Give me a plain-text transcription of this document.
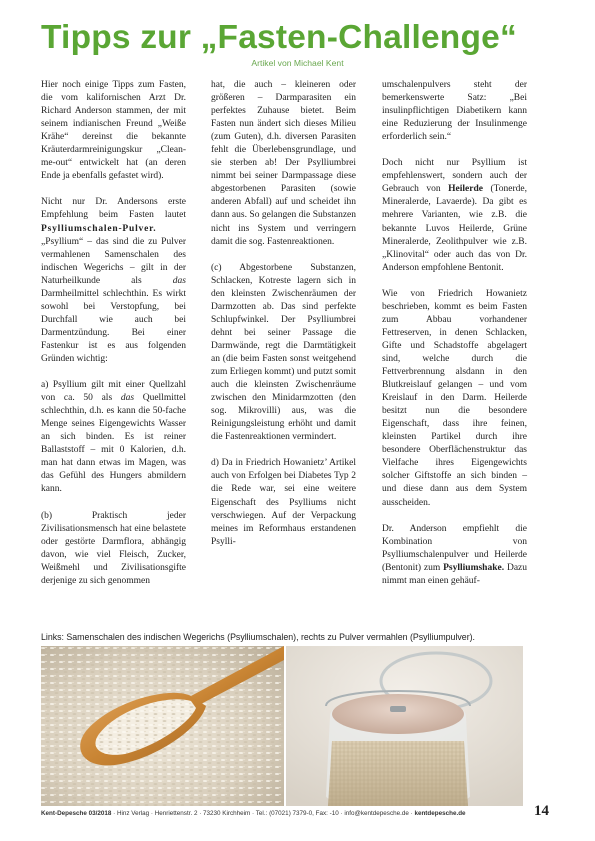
Tipps zur „Fasten-Challenge“
Artikel von Michael Kent

Hier noch einige Tipps zum Fasten, die vom kalifornischen Arzt Dr. Richard Anderson stammen, der mit seinem indianischen Freund „Weiße Krähe“ dereinst die bekannte Kräuterdarmreinigungskur „Clean-me-out“ entwickelt hat (an deren Ende ja ebenfalls gefastet wird).

Nicht nur Dr. Andersons erste Empfehlung beim Fasten lautet Psylliumschalen-Pulver. „Psyllium“ – das sind die zu Pulver vermahlenen Samenschalen des indischen Wegerichs – gilt in der Naturheilkunde als das Darmheilmittel schlechthin. Es wirkt sowohl bei Verstopfung, bei Durchfall wie auch bei Darmentzündung. Bei einer Fastenkur ist es aus folgenden Gründen wichtig:

a) Psyllium gilt mit einer Quellzahl von ca. 50 als das Quellmittel schlechthin, d.h. es kann die 50-fache Menge seines Eigengewichts Wasser an sich binden. Es ist reiner Ballaststoff – mit 0 Kalorien, d.h. man hat dann etwas im Magen, was das Gefühl des Hungers abmildern kann.

(b) Praktisch jeder Zivilisationsmensch hat eine belastete oder gestörte Darmflora, abhängig davon, wie viel Fleisch, Zucker, Weißmehl und Zivilisationsgifte derjenige zu sich genommen

hat, die auch – kleineren oder größeren – Darmparasiten ein perfektes Zuhause bietet. Beim Fasten nun ändert sich dieses Milieu (zum Guten), d.h. diversen Parasiten fehlt die Überlebensgrundlage, und sie sterben ab! Der Psylliumbrei nimmt bei seiner Darmpassage diese abgestorbenen Parasiten (sowie anderen Abfall) auf und scheidet ihn dann aus. So gelangen die Substanzen nicht ins System und verringern damit die sog. Fastenreaktionen.

(c) Abgestorbene Substanzen, Schlacken, Kotreste lagern sich in den kleinsten Zwischenräumen der Darmzotten ab. Das sind perfekte Schlupfwinkel. Der Psylliumbrei dehnt bei seiner Passage die Darmwände, regt die Darmtätigkeit an (die beim Fasten sonst weitgehend zum Erliegen kommt) und putzt somit auch die kleinsten Zwischenräume zwischen den Minidarmzotten (den sog. Mikrovilli) aus, was die Reinigungsleistung erhöht und damit die Fastenreaktionen vermindert.

d) Da in Friedrich Howanietz’ Artikel auch von Erfolgen bei Diabetes Typ 2 die Rede war, sei eine weitere Eigenschaft des Psylliums nicht verschwiegen. Auf der Verpackung meines im Reformhaus erstandenen Psylli-

umschalenpulvers steht der bemerkenswerte Satz: „Bei insulinpflichtigen Diabetikern kann eine Reduzierung der Insulinmenge erforderlich sein.“

Doch nicht nur Psyllium ist empfehlenswert, sondern auch der Gebrauch von Heilerde (Tonerde, Mineralerde, Lavaerde). Da gibt es mehrere Varianten, wie z.B. die bekannte Luvos Heilerde, Grüne Mineralerde, Zeolithpulver wie z.B. „Klinovital“ oder auch das von Dr. Anderson empfohlene Bentonit.

Wie von Friedrich Howanietz beschrieben, kommt es beim Fasten zum Abbau vorhandener Fettreserven, in denen Schlacken, Gifte und Schadstoffe abgelagert sind, welche durch die Fettverbrennung alsdann in den Blutkreislauf gelangen – und vom Kreislauf in den Darm. Heilerde besitzt nun die besondere Eigenschaft, dass ihre feinen, kleinsten Partikel durch ihre besondere Oberflächenstruktur das Vielfache ihres Eigengewichts solcher Giftstoffe an sich binden – und diese dann aus dem System ausscheiden.

Dr. Anderson empfiehlt die Kombination von Psylliumschalenpulver und Heilerde (Bentonit) zum Psylliumshake. Dazu nimmt man einen gehäuf-

Links: Samenschalen des indischen Wegerichs (Psylliumschalen), rechts zu Pulver vermahlen (Psylliumpulver).
Kent-Depesche 03/2018 · Hinz Verlag · Henriettenstr. 2 · 73230 Kirchheim · Tel.: (07021) 7379-0, Fax: -10 · info@kentdepesche.de · kentdepesche.de	14
